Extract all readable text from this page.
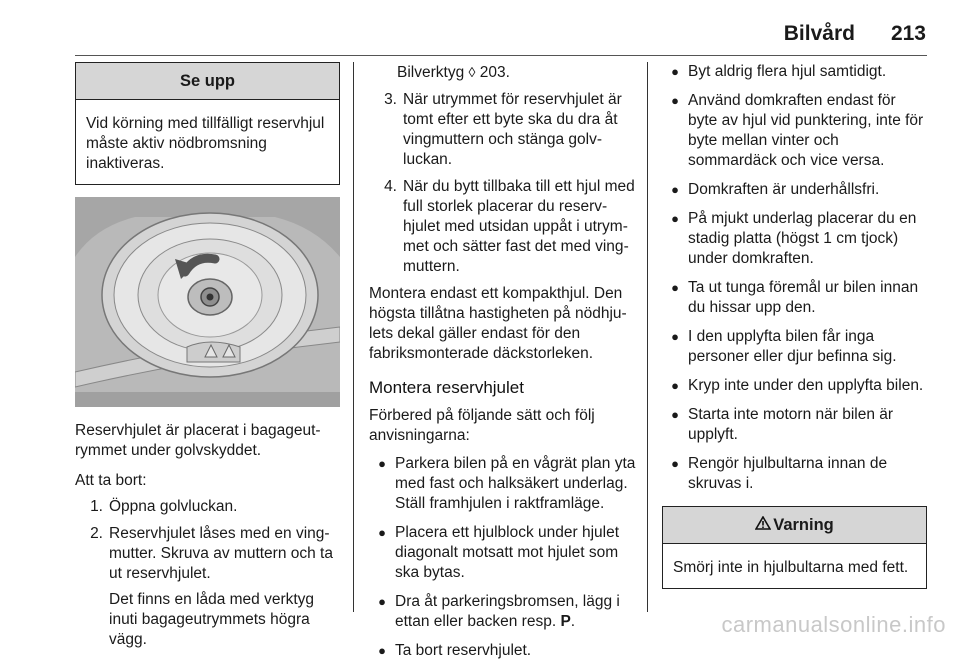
Bilvård 213
Se upp
Vid körning med tillfälligt reservhjul måste aktiv nödbromsning inaktiveras.

Reservhjulet är placerat i bagageutrymmet under golvskyddet.

Att ta bort:
1. Öppna golvluckan.
2. Reservhjulet låses med en vingmutter. Skruva av muttern och ta ut reservhjulet.
Det finns en låda med verktyg inuti bagageutrymmets högra vägg.
Bilverktyg ◊ 203.
3. När utrymmet för reservhjulet är tomt efter ett byte ska du dra åt vingmuttern och stänga golvluckan.
4. När du bytt tillbaka till ett hjul med full storlek placerar du reservhjulet med utsidan uppåt i utrymmet och sätter fast det med vingmuttern.

Montera endast ett kompakthjul. Den högsta tillåtna hastigheten på nödhjulets dekal gäller endast för den fabriksmonterade däckstorleken.

Montera reservhjulet

Förbered på följande sätt och följ anvisningarna:

● Parkera bilen på en vågrät plan yta med fast och halksäkert underlag. Ställ framhjulen i raktframläge.
● Placera ett hjulblock under hjulet diagonalt motsatt mot hjulet som ska bytas.
● Dra åt parkeringsbromsen, lägg i ettan eller backen resp. P.
● Ta bort reservhjulet.
● Byt aldrig flera hjul samtidigt.
● Använd domkraften endast för byte av hjul vid punktering, inte för byte mellan vinter och sommardäck och vice versa.
● Domkraften är underhållsfri.
● På mjukt underlag placerar du en stadig platta (högst 1 cm tjock) under domkraften.
● Ta ut tunga föremål ur bilen innan du hissar upp den.
● I den upplyfta bilen får inga personer eller djur befinna sig.
● Kryp inte under den upplyfta bilen.
● Starta inte motorn när bilen är upplyft.
● Rengör hjulbultarna innan de skruvas i.
Varning
Smörj inte in hjulbultarna med fett.
carmanualsonline.info
